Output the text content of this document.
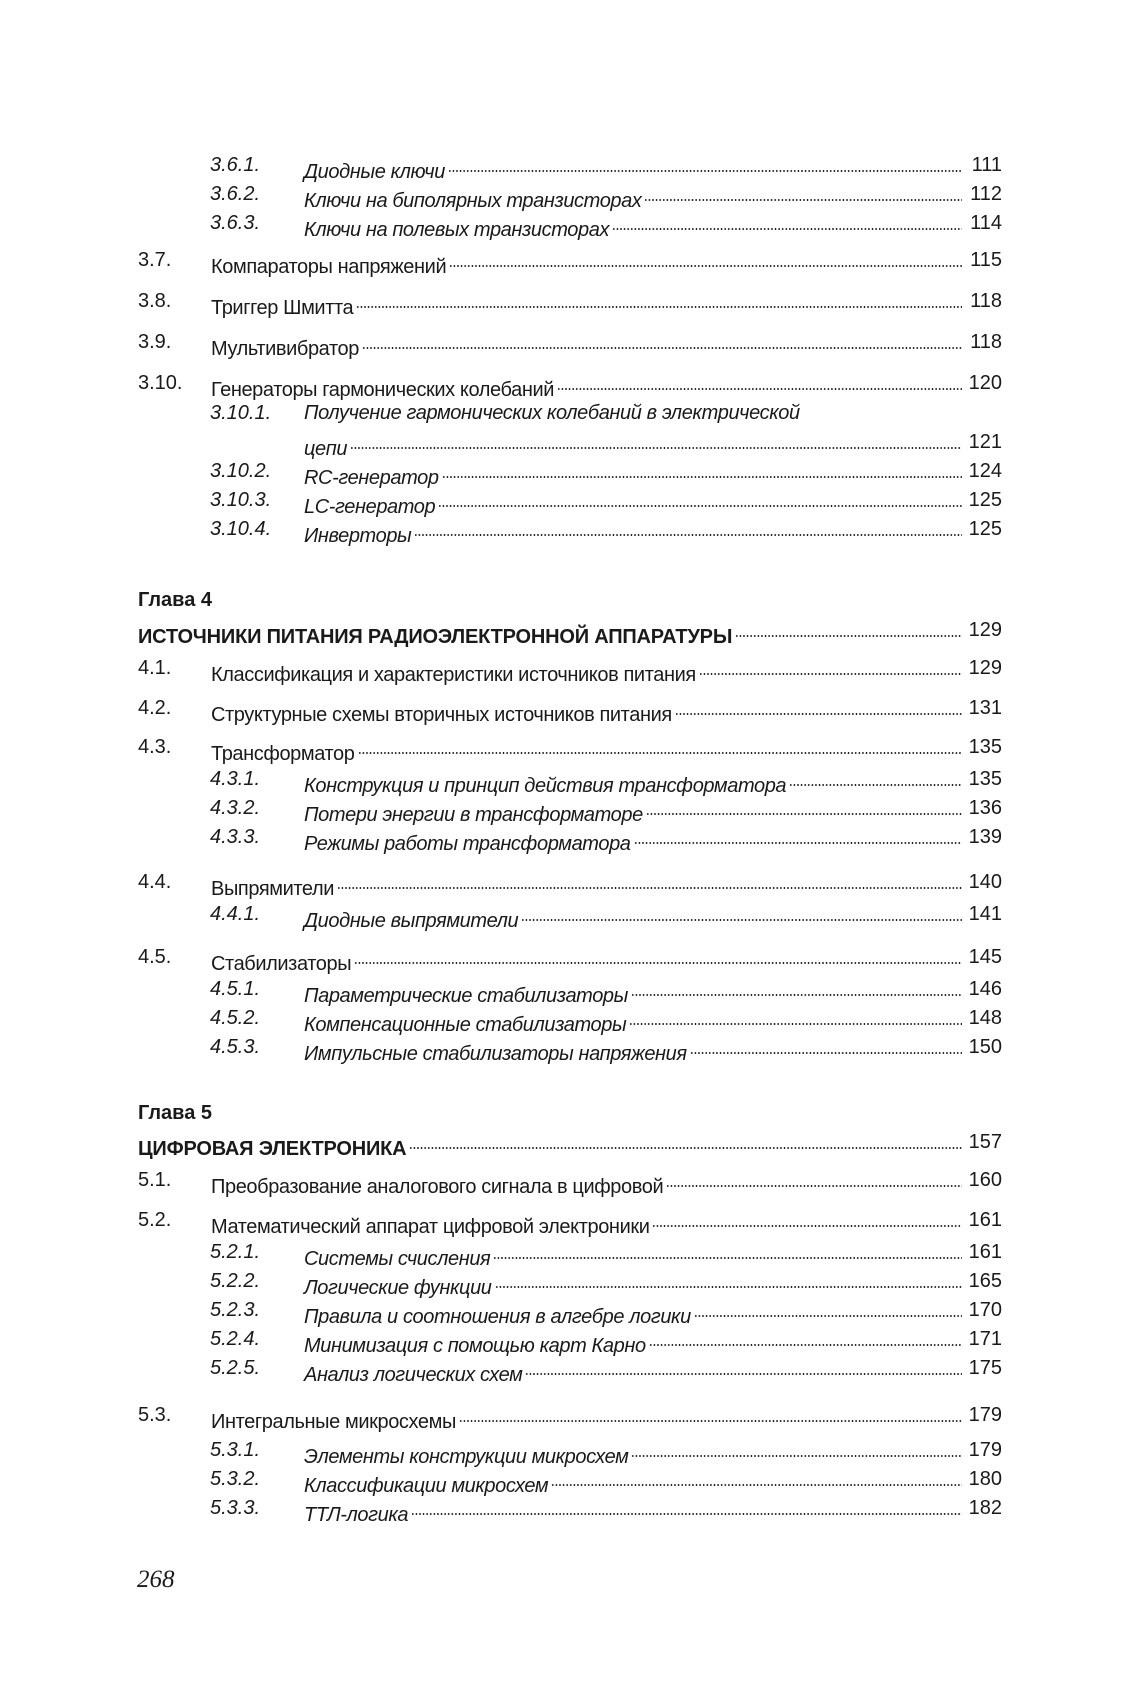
3.6.1. Диодные ключи	111
3.6.2. Ключи на биполярных транзисторах	112
3.6.3. Ключи на полевых транзисторах	114
3.7. Компараторы напряжений	115
3.8. Триггер Шмитта	118
3.9. Мультивибратор	118
3.10. Генераторы гармонических колебаний	120
3.10.1. Получение гармонических колебаний в электрической
цепи	121
3.10.2. RC-генератор	124
3.10.3. LC-генератор	125
3.10.4. Инверторы	125
Глава 4
ИСТОЧНИКИ ПИТАНИЯ РАДИОЭЛЕКТРОННОЙ АППАРАТУРЫ	129
4.1. Классификация и характеристики источников питания	129
4.2. Структурные схемы вторичных источников питания	131
4.3. Трансформатор	135
4.3.1. Конструкция и принцип действия трансформатора	135
4.3.2. Потери энергии в трансформаторе	136
4.3.3. Режимы работы трансформатора	139
4.4. Выпрямители	140
4.4.1. Диодные выпрямители	141
4.5. Стабилизаторы	145
4.5.1. Параметрические стабилизаторы	146
4.5.2. Компенсационные стабилизаторы	148
4.5.3. Импульсные стабилизаторы напряжения	150
Глава 5
ЦИФРОВАЯ ЭЛЕКТРОНИКА	157
5.1. Преобразование аналогового сигнала в цифровой	160
5.2. Математический аппарат цифровой электроники	161
5.2.1. Системы счисления	161
5.2.2. Логические функции	165
5.2.3. Правила и соотношения в алгебре логики	170
5.2.4. Минимизация с помощью карт Карно	171
5.2.5. Анализ логических схем	175
5.3. Интегральные микросхемы	179
5.3.1. Элементы конструкции микросхем	179
5.3.2. Классификации микросхем	180
5.3.3. ТТЛ-логика	182
268
